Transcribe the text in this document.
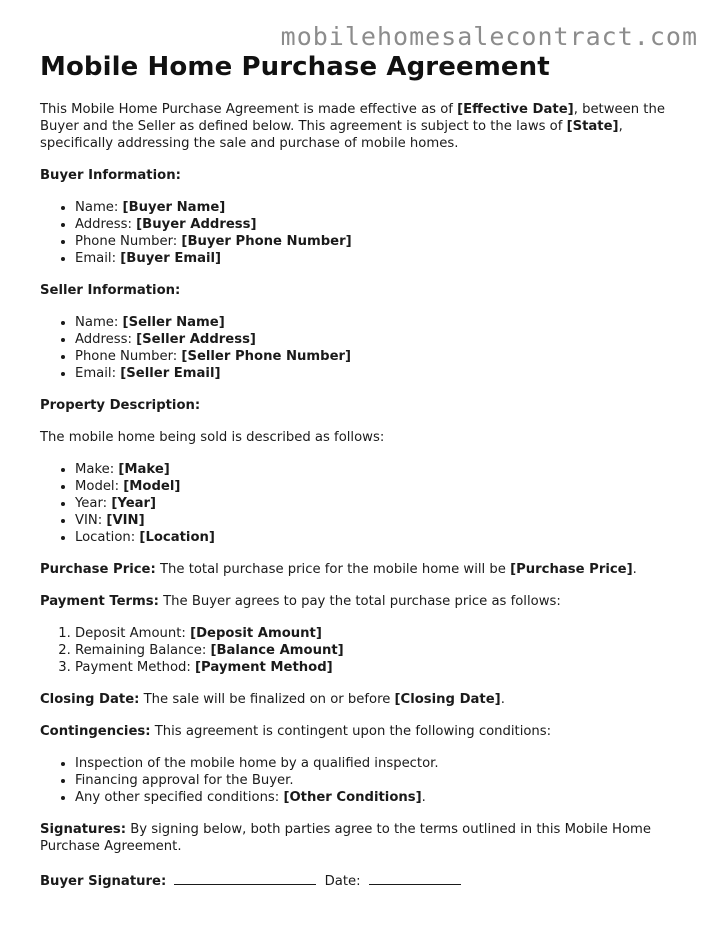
mobilehomesalecontract.com
Mobile Home Purchase Agreement

This Mobile Home Purchase Agreement is made effective as of [Effective Date], between the Buyer and the Seller as defined below. This agreement is subject to the laws of [State], specifically addressing the sale and purchase of mobile homes.

Buyer Information:

• Name: [Buyer Name]
• Address: [Buyer Address]
• Phone Number: [Buyer Phone Number]
• Email: [Buyer Email]

Seller Information:

• Name: [Seller Name]
• Address: [Seller Address]
• Phone Number: [Seller Phone Number]
• Email: [Seller Email]

Property Description:

The mobile home being sold is described as follows:

• Make: [Make]
• Model: [Model]
• Year: [Year]
• VIN: [VIN]
• Location: [Location]

Purchase Price: The total purchase price for the mobile home will be [Purchase Price].

Payment Terms: The Buyer agrees to pay the total purchase price as follows:

1. Deposit Amount: [Deposit Amount]
2. Remaining Balance: [Balance Amount]
3. Payment Method: [Payment Method]

Closing Date: The sale will be finalized on or before [Closing Date].

Contingencies: This agreement is contingent upon the following conditions:

• Inspection of the mobile home by a qualified inspector.
• Financing approval for the Buyer.
• Any other specified conditions: [Other Conditions].

Signatures: By signing below, both parties agree to the terms outlined in this Mobile Home Purchase Agreement.

Buyer Signature:	Date:
